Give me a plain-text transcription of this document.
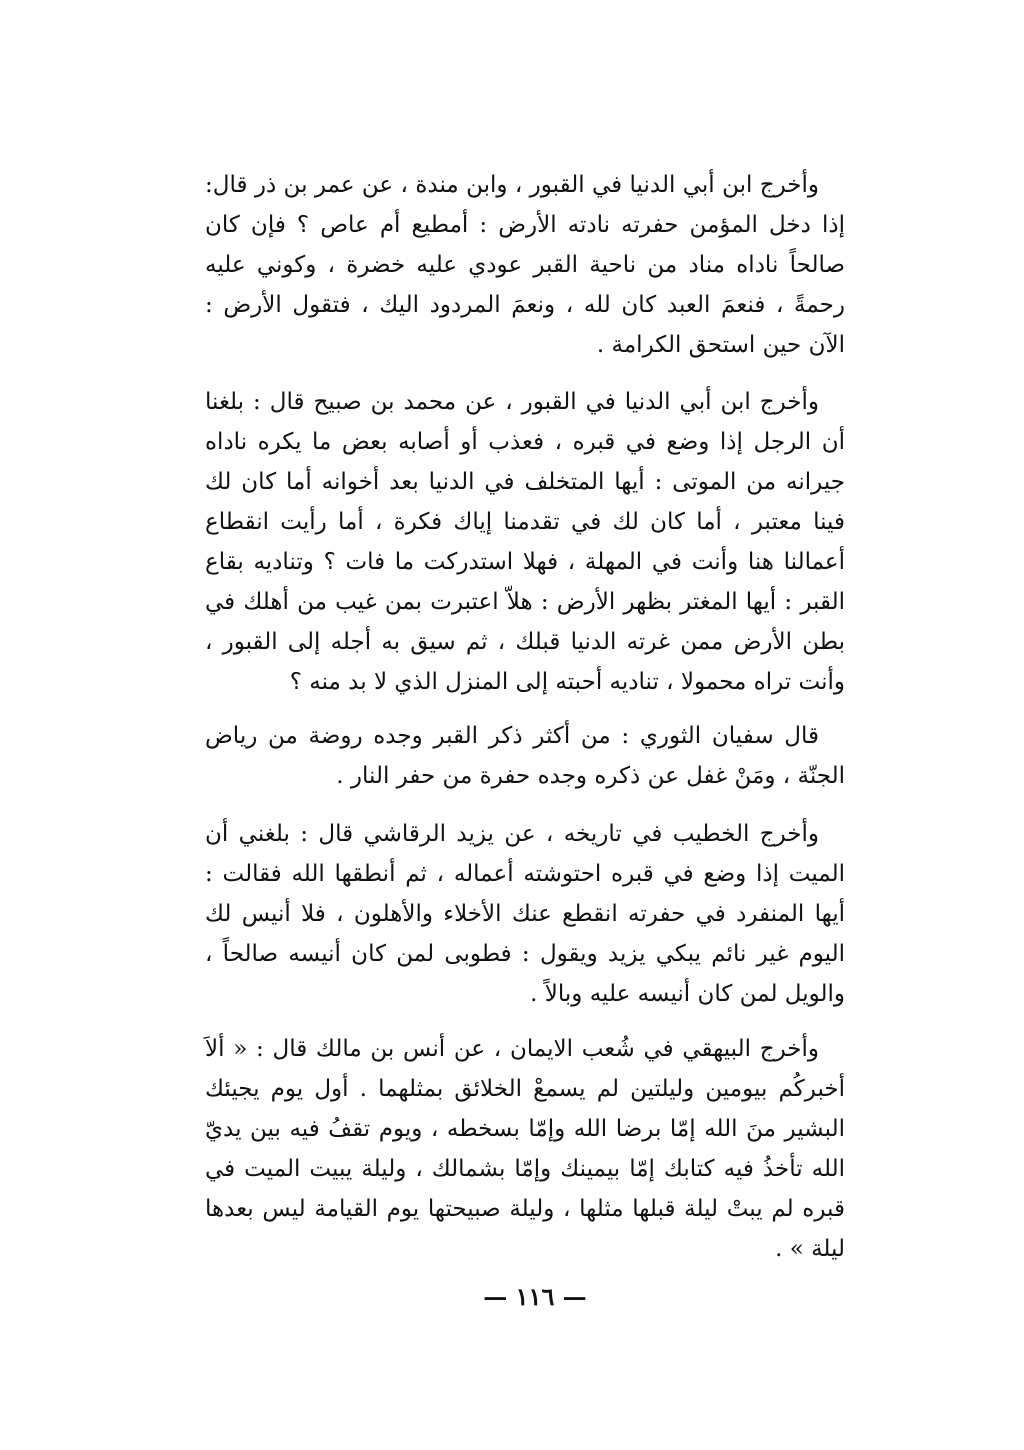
وأخرج ابن أبي الدنيا في القبور ، وابن مندة ، عن عمر بن ذر قال: إذا دخل المؤمن حفرته نادته الأرض : أمطيع أم عاص ؟ فإن كان صالحاً ناداه مناد من ناحية القبر عودي عليه خضرة ، وكوني عليه رحمةً ، فنعمَ العبد كان لله ، ونعمَ المردود اليك ، فتقول الأرض : الآن حين استحق الكرامة .

وأخرج ابن أبي الدنيا في القبور ، عن محمد بن صبيح قال : بلغنا أن الرجل إذا وضع في قبره ، فعذب أو أصابه بعض ما يكره ناداه جيرانه من الموتى : أيها المتخلف في الدنيا بعد أخوانه أما كان لك فينا معتبر ، أما كان لك في تقدمنا إياك فكرة ، أما رأيت انقطاع أعمالنا هنا وأنت في المهلة ، فهلا استدركت ما فات ؟ وتناديه بقاع القبر : أيها المغتر بظهر الأرض : هلاّ اعتبرت بمن غيب من أهلك في بطن الأرض ممن غرته الدنيا قبلك ، ثم سيق به أجله إلى القبور ، وأنت تراه محمولا ، تناديه أحبته إلى المنزل الذي لا بد منه ؟

قال سفيان الثوري : من أكثر ذكر القبر وجده روضة من رياض الجنّة ، ومَنْ غفل عن ذكره وجده حفرة من حفر النار .

وأخرج الخطيب في تاريخه ، عن يزيد الرقاشي قال : بلغني أن الميت إذا وضع في قبره احتوشته أعماله ، ثم أنطقها الله فقالت : أيها المنفرد في حفرته انقطع عنك الأخلاء والأهلون ، فلا أنيس لك اليوم غير نائم يبكي يزيد ويقول : فطوبى لمن كان أنيسه صالحاً ، والويل لمن كان أنيسه عليه وبالاً .

وأخرج البيهقي في شُعب الايمان ، عن أنس بن مالك قال : « ألاَ أخبركُم بيومين وليلتين لم يسمعْ الخلائق بمثلهما . أول يوم يجيئك البشير منَ الله إمّا برضا الله وإمّا بسخطه ، ويوم تقفُ فيه بين يديّ الله تأخذُ فيه كتابك إمّا بيمينك وإمّا بشمالك ، وليلة يبيت الميت في قبره لم يبتْ ليلة قبلها مثلها ، وليلة صبيحتها يوم القيامة ليس بعدها ليلة » .

— ١١٦ —
